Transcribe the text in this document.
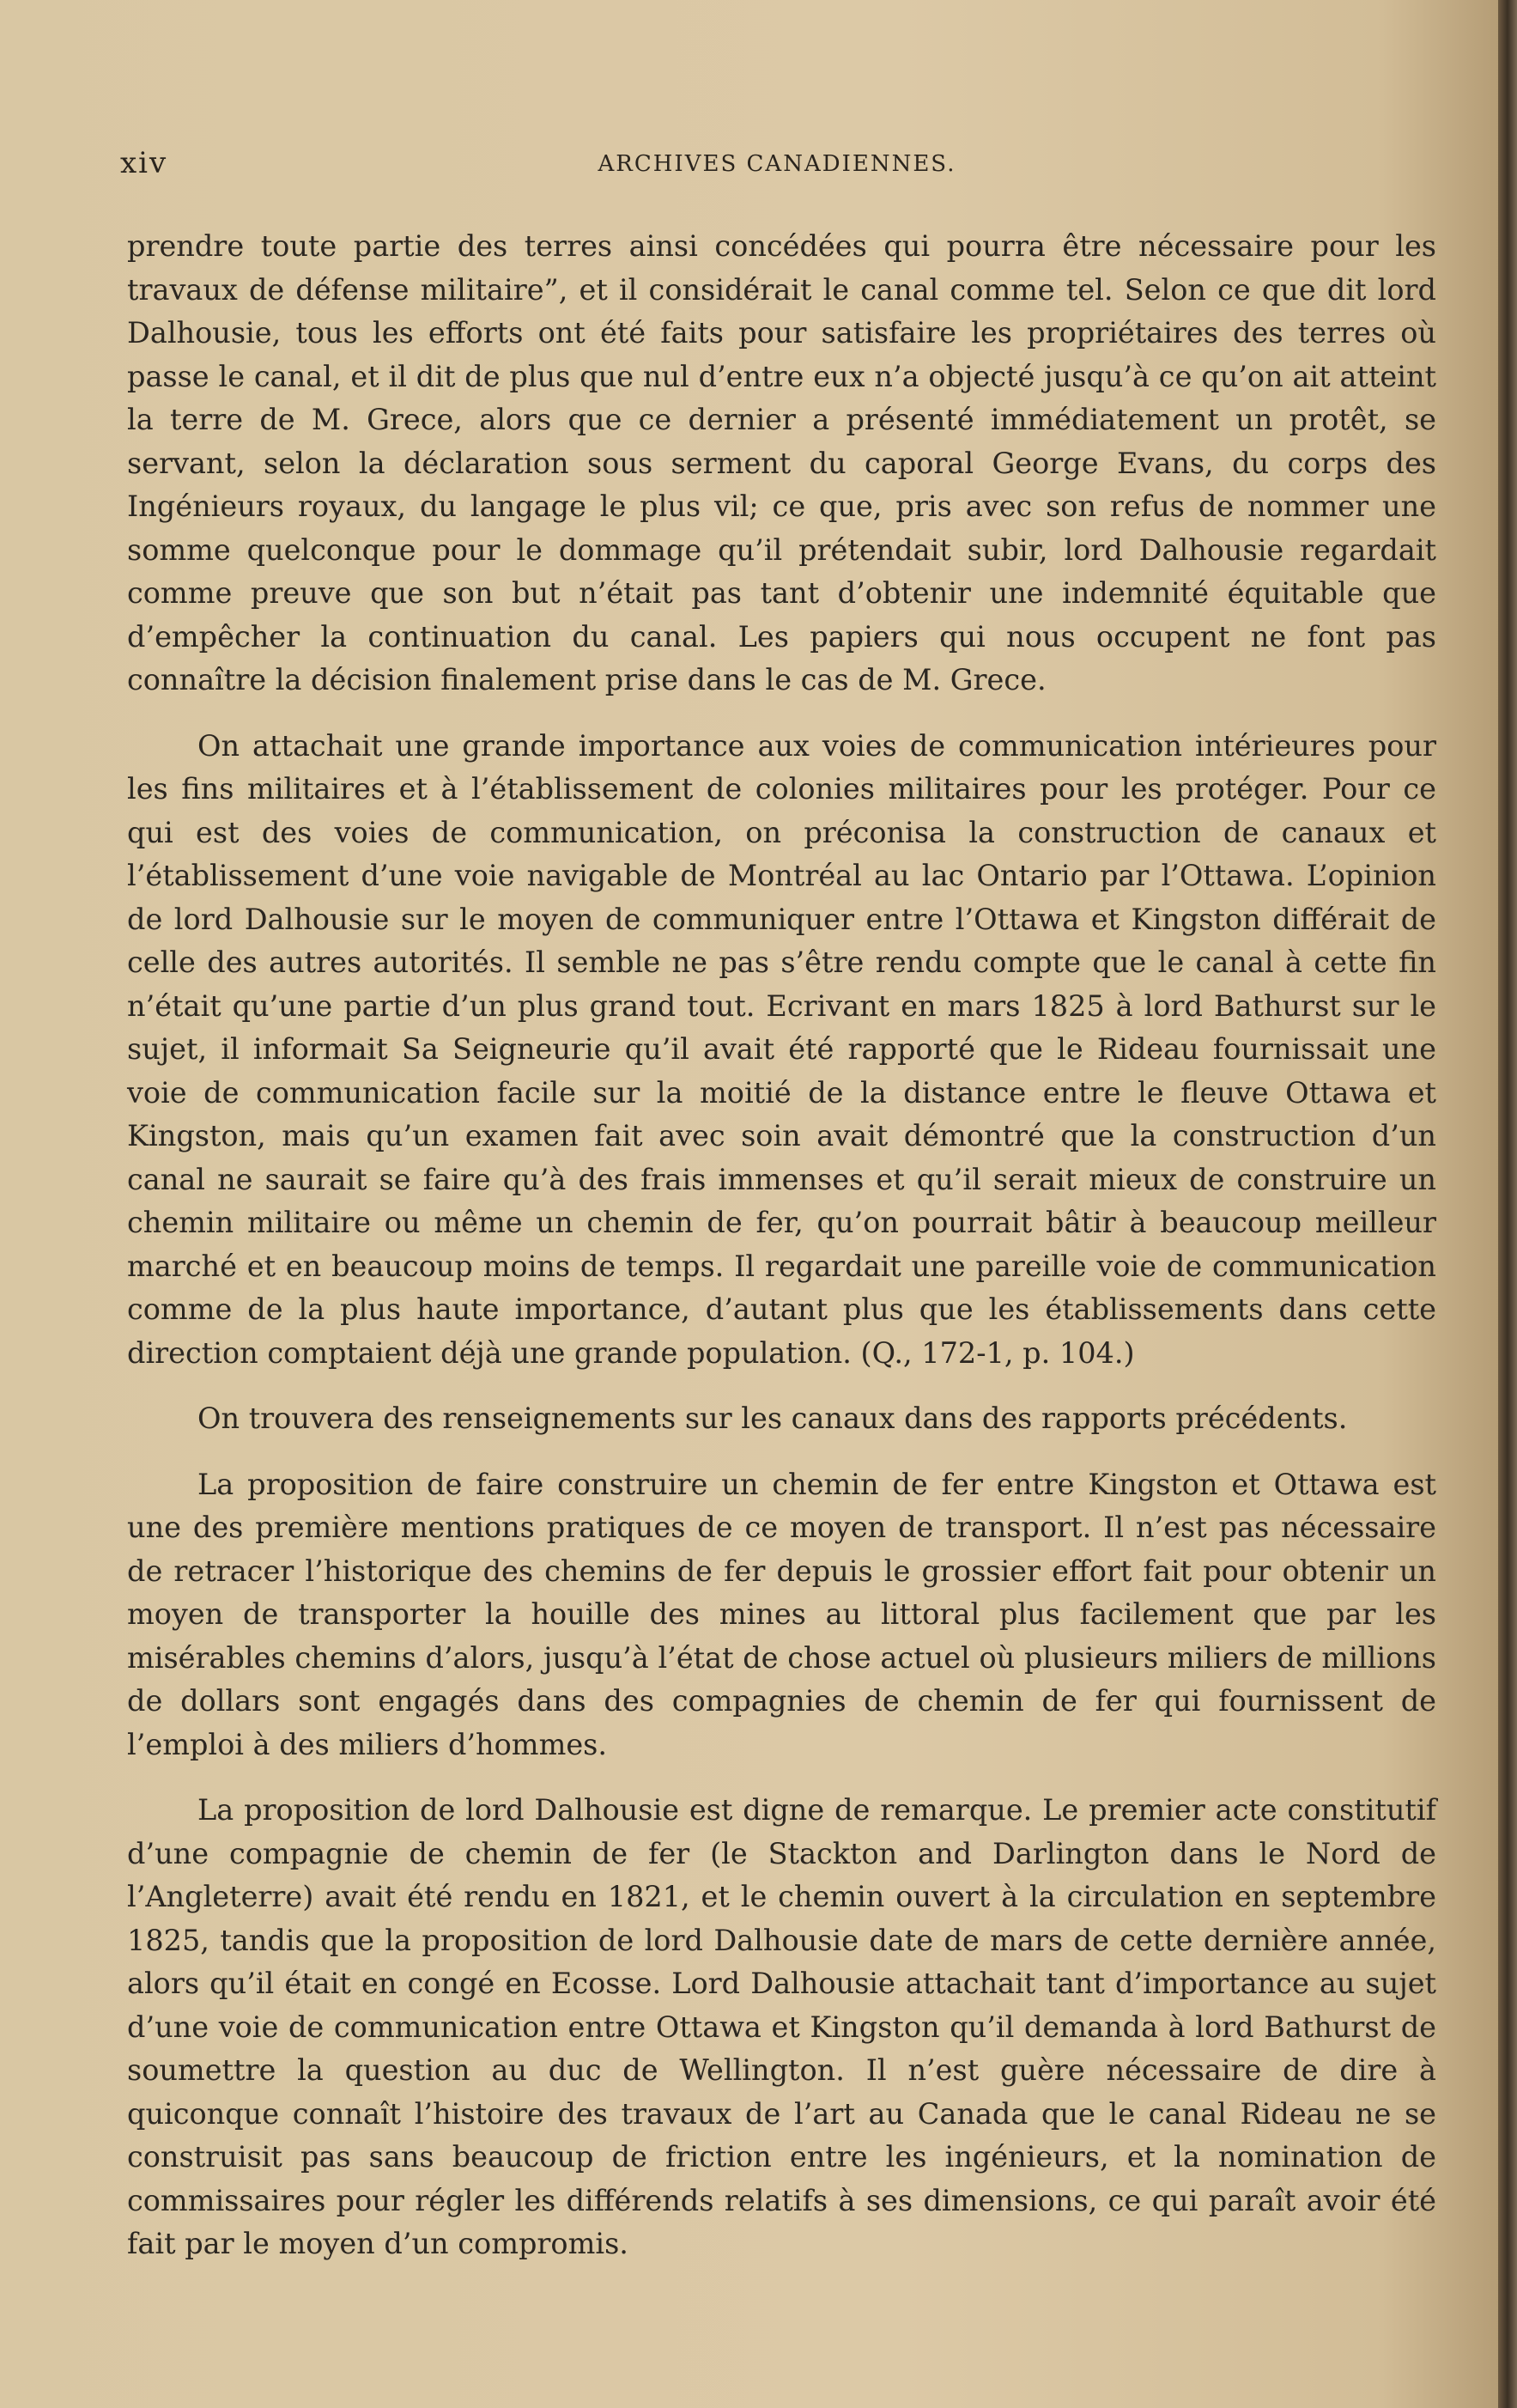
xiv	ARCHIVES CANADIENNES.

prendre toute partie des terres ainsi concédées qui pourra être nécessaire pour les travaux de défense militaire”, et il considérait le canal comme tel. Selon ce que dit lord Dalhousie, tous les efforts ont été faits pour satisfaire les propriétaires des terres où passe le canal, et il dit de plus que nul d’entre eux n’a objecté jusqu’à ce qu’on ait atteint la terre de M. Grece, alors que ce dernier a présenté immédiatement un protêt, se servant, selon la déclaration sous serment du caporal George Evans, du corps des Ingénieurs royaux, du langage le plus vil; ce que, pris avec son refus de nommer une somme quelconque pour le dommage qu’il prétendait subir, lord Dalhousie regardait comme preuve que son but n’était pas tant d’obtenir une indemnité équitable que d’empêcher la continuation du canal. Les papiers qui nous occupent ne font pas connaître la décision finalement prise dans le cas de M. Grece.

On attachait une grande importance aux voies de communication intérieures pour les fins militaires et à l’établissement de colonies militaires pour les protéger. Pour ce qui est des voies de communication, on préconisa la construction de canaux et l’établissement d’une voie navigable de Montréal au lac Ontario par l’Ottawa. L’opinion de lord Dalhousie sur le moyen de communiquer entre l’Ottawa et Kingston différait de celle des autres autorités. Il semble ne pas s’être rendu compte que le canal à cette fin n’était qu’une partie d’un plus grand tout. Ecrivant en mars 1825 à lord Bathurst sur le sujet, il informait Sa Seigneurie qu’il avait été rapporté que le Rideau fournissait une voie de communication facile sur la moitié de la distance entre le fleuve Ottawa et Kingston, mais qu’un examen fait avec soin avait démontré que la construction d’un canal ne saurait se faire qu’à des frais immenses et qu’il serait mieux de construire un chemin militaire ou même un chemin de fer, qu’on pourrait bâtir à beaucoup meilleur marché et en beaucoup moins de temps. Il regardait une pareille voie de communication comme de la plus haute importance, d’autant plus que les établissements dans cette direction comptaient déjà une grande population. (Q., 172-1, p. 104.)

On trouvera des renseignements sur les canaux dans des rapports précédents.

La proposition de faire construire un chemin de fer entre Kingston et Ottawa est une des première mentions pratiques de ce moyen de transport. Il n’est pas nécessaire de retracer l’historique des chemins de fer depuis le grossier effort fait pour obtenir un moyen de transporter la houille des mines au littoral plus facilement que par les misérables chemins d’alors, jusqu’à l’état de chose actuel où plusieurs miliers de millions de dollars sont engagés dans des compagnies de chemin de fer qui fournissent de l’emploi à des miliers d’hommes.

La proposition de lord Dalhousie est digne de remarque. Le premier acte constitutif d’une compagnie de chemin de fer (le Stackton and Darlington dans le Nord de l’Angleterre) avait été rendu en 1821, et le chemin ouvert à la circulation en septembre 1825, tandis que la proposition de lord Dalhousie date de mars de cette dernière année, alors qu’il était en congé en Ecosse. Lord Dalhousie attachait tant d’importance au sujet d’une voie de communication entre Ottawa et Kingston qu’il demanda à lord Bathurst de soumettre la question au duc de Wellington. Il n’est guère nécessaire de dire à quiconque connaît l’histoire des travaux de l’art au Canada que le canal Rideau ne se construisit pas sans beaucoup de friction entre les ingénieurs, et la nomination de commissaires pour régler les différends relatifs à ses dimensions, ce qui paraît avoir été fait par le moyen d’un compromis.
